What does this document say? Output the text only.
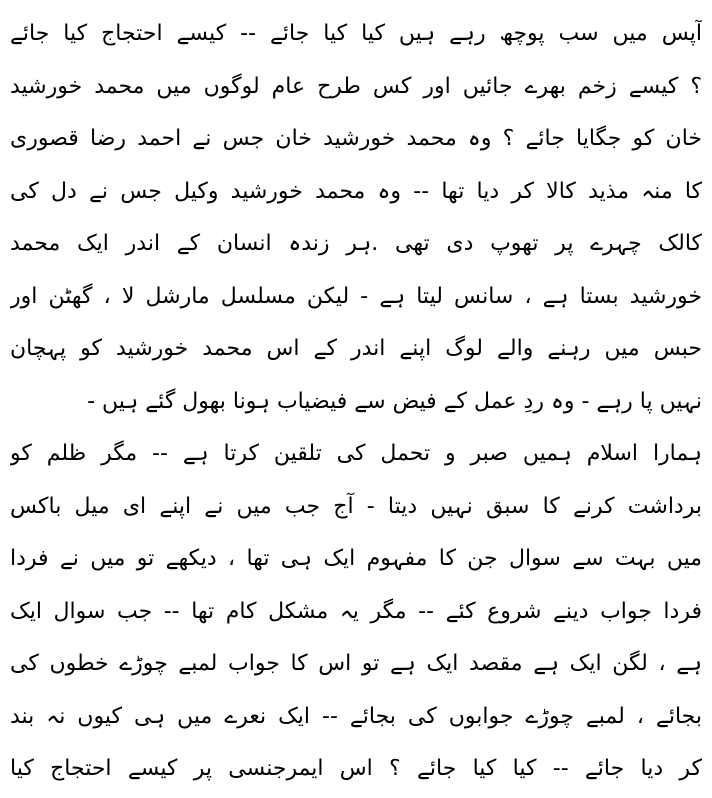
آپس میں سب پوچھ رہے ہیں کیا کیا جائے -- کیسے احتجاج کیا جائے
؟ کیسے زخم بھرے جائیں اور کس طرح عام لوگوں میں محمد خورشید
خان کو جگایا جائے ؟ وہ محمد خورشید خان جس نے احمد رضا قصوری
کا منہ مذید کالا کر دیا تھا -- وہ محمد خورشید وکیل جس نے دل کی
کالک چہرے پر تھوپ دی تھی .ہر زندہ انسان کے اندر ایک محمد
خورشید بستا ہے ، سانس لیتا ہے - لیکن مسلسل مارشل لا ، گھٹن اور
حبس میں رہنے والے لوگ اپنے اندر کے اس محمد خورشید کو پہچان
نہیں پا رہے - وہ ردِ عمل کے فیض سے فیضیاب ہونا بھول گئے ہیں -
ہمارا اسلام ہمیں صبر و تحمل کی تلقین کرتا ہے -- مگر ظلم کو
برداشت کرنے کا سبق نہیں دیتا - آج جب میں نے اپنے ای میل باکس
میں بہت سے سوال جن کا مفہوم ایک ہی تھا ، دیکھے تو میں نے فردا
فردا جواب دینے شروع کئے -- مگر یہ مشکل کام تھا -- جب سوال ایک
ہے ، لگن ایک ہے مقصد ایک ہے تو اس کا جواب لمبے چوڑے خطوں کی
بجائے ، لمبے چوڑے جوابوں کی بجائے -- ایک نعرے میں ہی کیوں نہ بند
کر دیا جائے -- کیا کیا جائے ؟ اس ایمرجنسی پر کیسے احتجاج کیا
